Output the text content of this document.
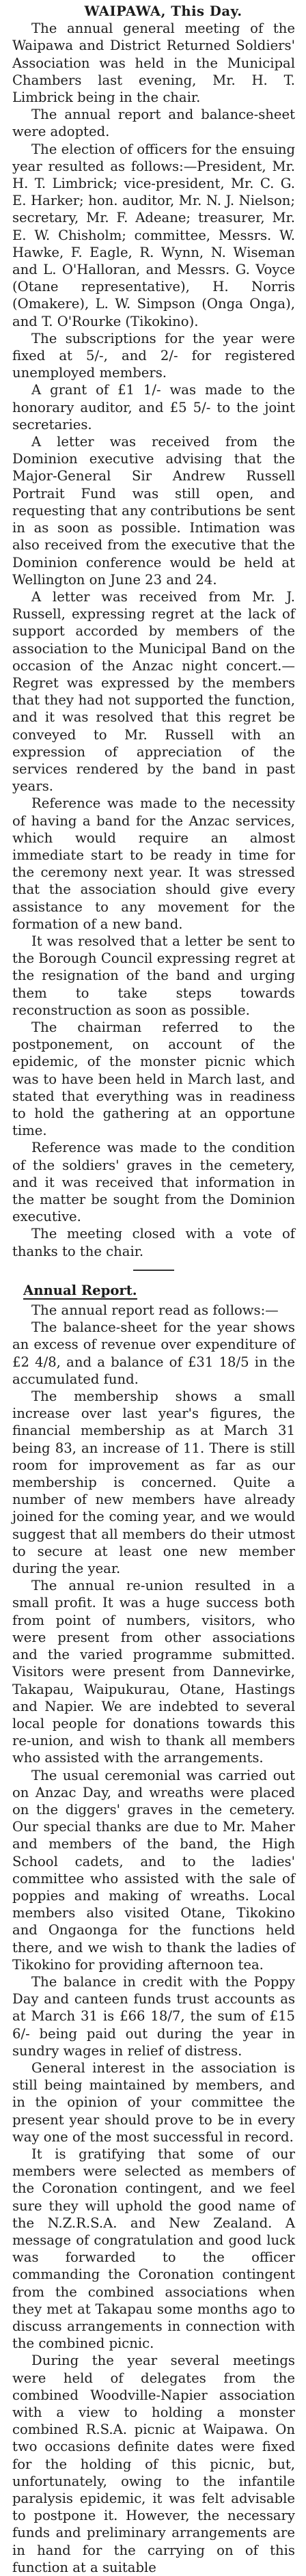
WAIPAWA, This Day.

The annual general meeting of the Waipawa and District Returned Soldiers' Association was held in the Municipal Chambers last evening, Mr. H. T. Limbrick being in the chair.

The annual report and balance-sheet were adopted.

The election of officers for the ensuing year resulted as follows:—President, Mr. H. T. Limbrick; vice-president, Mr. C. G. E. Harker; hon. auditor, Mr. N. J. Nielson; secretary, Mr. F. Adeane; treasurer, Mr. E. W. Chisholm; committee, Messrs. W. Hawke, F. Eagle, R. Wynn, N. Wiseman and L. O'Halloran, and Messrs. G. Voyce (Otane representative), H. Norris (Omakere), L. W. Simpson (Onga Onga), and T. O'Rourke (Tikokino).

The subscriptions for the year were fixed at 5/-, and 2/- for registered unemployed members.

A grant of £1 1/- was made to the honorary auditor, and £5 5/- to the joint secretaries.

A letter was received from the Dominion executive advising that the Major-General Sir Andrew Russell Portrait Fund was still open, and requesting that any contributions be sent in as soon as possible. Intimation was also received from the executive that the Dominion conference would be held at Wellington on June 23 and 24.

A letter was received from Mr. J. Russell, expressing regret at the lack of support accorded by members of the association to the Municipal Band on the occasion of the Anzac night concert.—Regret was expressed by the members that they had not supported the function, and it was resolved that this regret be conveyed to Mr. Russell with an expression of appreciation of the services rendered by the band in past years.

Reference was made to the necessity of having a band for the Anzac services, which would require an almost immediate start to be ready in time for the ceremony next year. It was stressed that the association should give every assistance to any movement for the formation of a new band.

It was resolved that a letter be sent to the Borough Council expressing regret at the resignation of the band and urging them to take steps towards reconstruction as soon as possible.

The chairman referred to the postponement, on account of the epidemic, of the monster picnic which was to have been held in March last, and stated that everything was in readiness to hold the gathering at an opportune time.

Reference was made to the condition of the soldiers' graves in the cemetery, and it was received that information in the matter be sought from the Dominion executive.

The meeting closed with a vote of thanks to the chair.

Annual Report.

The annual report read as follows:—

The balance-sheet for the year shows an excess of revenue over expenditure of £2 4/8, and a balance of £31 18/5 in the accumulated fund.

The membership shows a small increase over last year's figures, the financial membership as at March 31 being 83, an increase of 11. There is still room for improvement as far as our membership is concerned. Quite a number of new members have already joined for the coming year, and we would suggest that all members do their utmost to secure at least one new member during the year.

The annual re-union resulted in a small profit. It was a huge success both from point of numbers, visitors, who were present from other associations and the varied programme submitted. Visitors were present from Dannevirke, Takapau, Waipukurau, Otane, Hastings and Napier. We are indebted to several local people for donations towards this re-union, and wish to thank all members who assisted with the arrangements.

The usual ceremonial was carried out on Anzac Day, and wreaths were placed on the diggers' graves in the cemetery. Our special thanks are due to Mr. Maher and members of the band, the High School cadets, and to the ladies' committee who assisted with the sale of poppies and making of wreaths. Local members also visited Otane, Tikokino and Ongaonga for the functions held there, and we wish to thank the ladies of Tikokino for providing afternoon tea.

The balance in credit with the Poppy Day and canteen funds trust accounts as at March 31 is £66 18/7, the sum of £15 6/- being paid out during the year in sundry wages in relief of distress.

General interest in the association is still being maintained by members, and in the opinion of your committee the present year should prove to be in every way one of the most successful in record.

It is gratifying that some of our members were selected as members of the Coronation contingent, and we feel sure they will uphold the good name of the N.Z.R.S.A. and New Zealand. A message of congratulation and good luck was forwarded to the officer commanding the Coronation contingent from the combined associations when they met at Takapau some months ago to discuss arrangements in connection with the combined picnic.

During the year several meetings were held of delegates from the combined Woodville-Napier association with a view to holding a monster combined R.S.A. picnic at Waipawa. On two occasions definite dates were fixed for the holding of this picnic, but, unfortunately, owing to the infantile paralysis epidemic, it was felt advisable to postpone it. However, the necessary funds and preliminary arrangements are in hand for the carrying on of this function at a suitable
